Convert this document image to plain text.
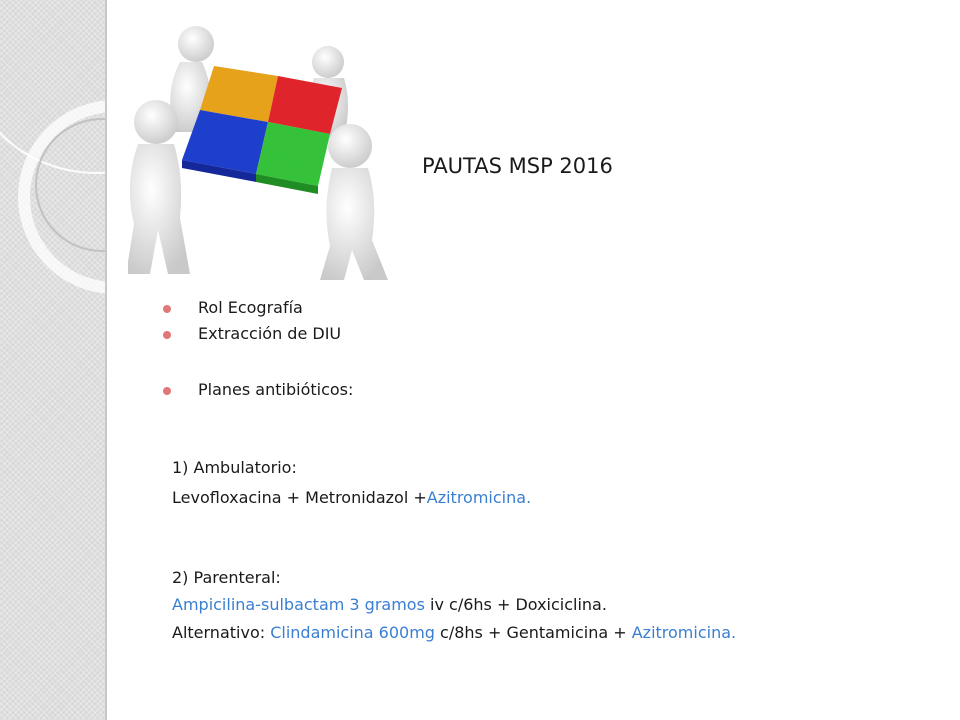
PAUTAS MSP 2016
Rol Ecografía
Extracción de DIU
Planes antibióticos:
1) Ambulatorio:
Levofloxacina + Metronidazol +Azitromicina.
2) Parenteral:
Ampicilina-sulbactam 3 gramos iv c/6hs + Doxiciclina.
Alternativo: Clindamicina 600mg c/8hs + Gentamicina + Azitromicina.
